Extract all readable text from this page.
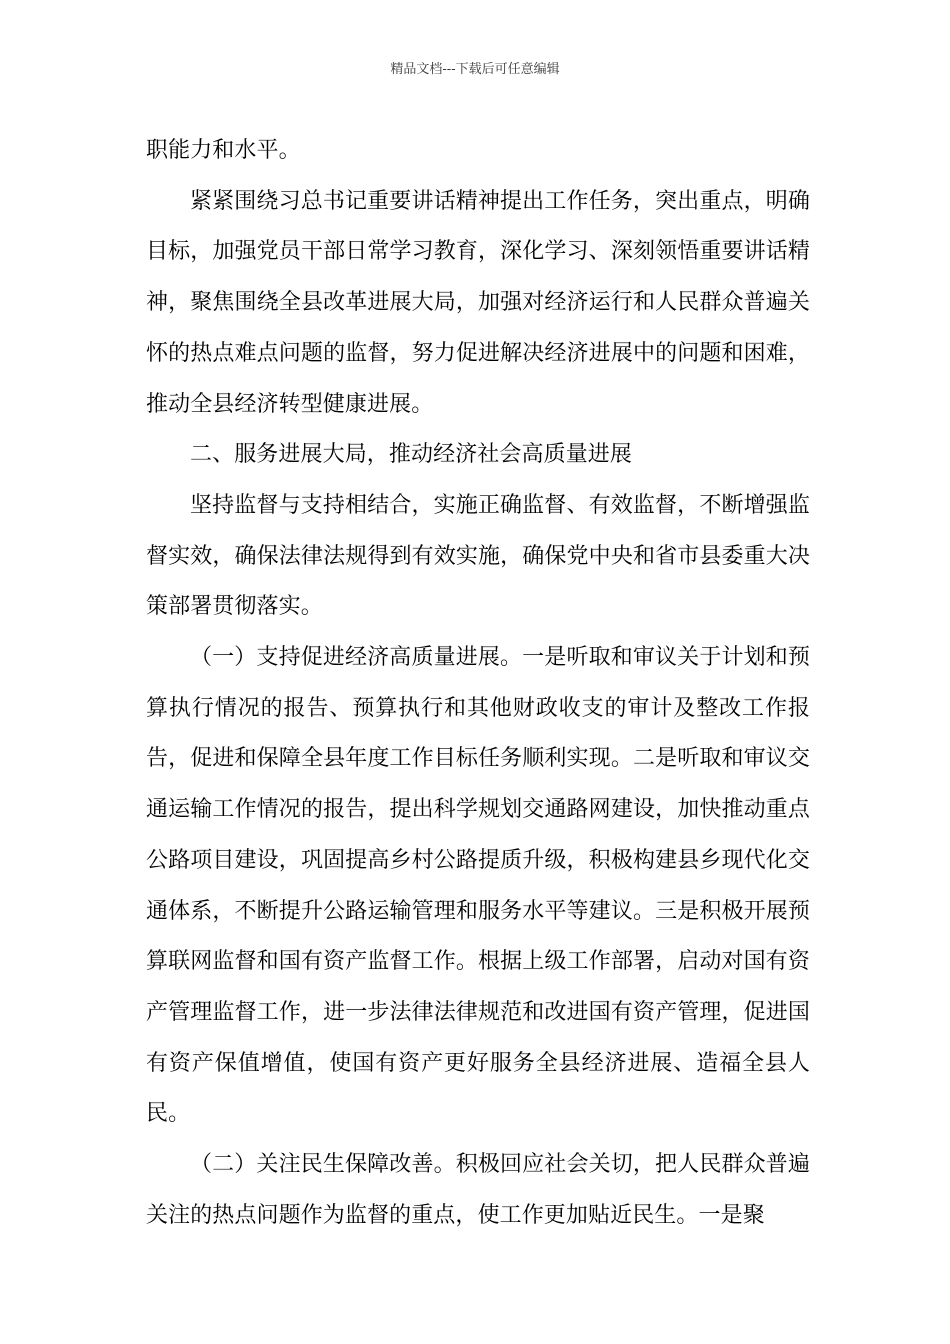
精品文档---下载后可任意编辑

职能力和水平。

紧紧围绕习总书记重要讲话精神提出工作任务，突出重点，明确目标，加强党员干部日常学习教育，深化学习、深刻领悟重要讲话精神，聚焦围绕全县改革进展大局，加强对经济运行和人民群众普遍关怀的热点难点问题的监督，努力促进解决经济进展中的问题和困难，推动全县经济转型健康进展。

二、服务进展大局，推动经济社会高质量进展

坚持监督与支持相结合，实施正确监督、有效监督，不断增强监督实效，确保法律法规得到有效实施，确保党中央和省市县委重大决策部署贯彻落实。

（一）支持促进经济高质量进展。一是听取和审议关于计划和预算执行情况的报告、预算执行和其他财政收支的审计及整改工作报告，促进和保障全县年度工作目标任务顺利实现。二是听取和审议交通运输工作情况的报告，提出科学规划交通路网建设，加快推动重点公路项目建设，巩固提高乡村公路提质升级，积极构建县乡现代化交通体系，不断提升公路运输管理和服务水平等建议。三是积极开展预算联网监督和国有资产监督工作。根据上级工作部署，启动对国有资产管理监督工作，进一步法律法律规范和改进国有资产管理，促进国有资产保值增值，使国有资产更好服务全县经济进展、造福全县人民。

（二）关注民生保障改善。积极回应社会关切，把人民群众普遍关注的热点问题作为监督的重点，使工作更加贴近民生。一是聚
